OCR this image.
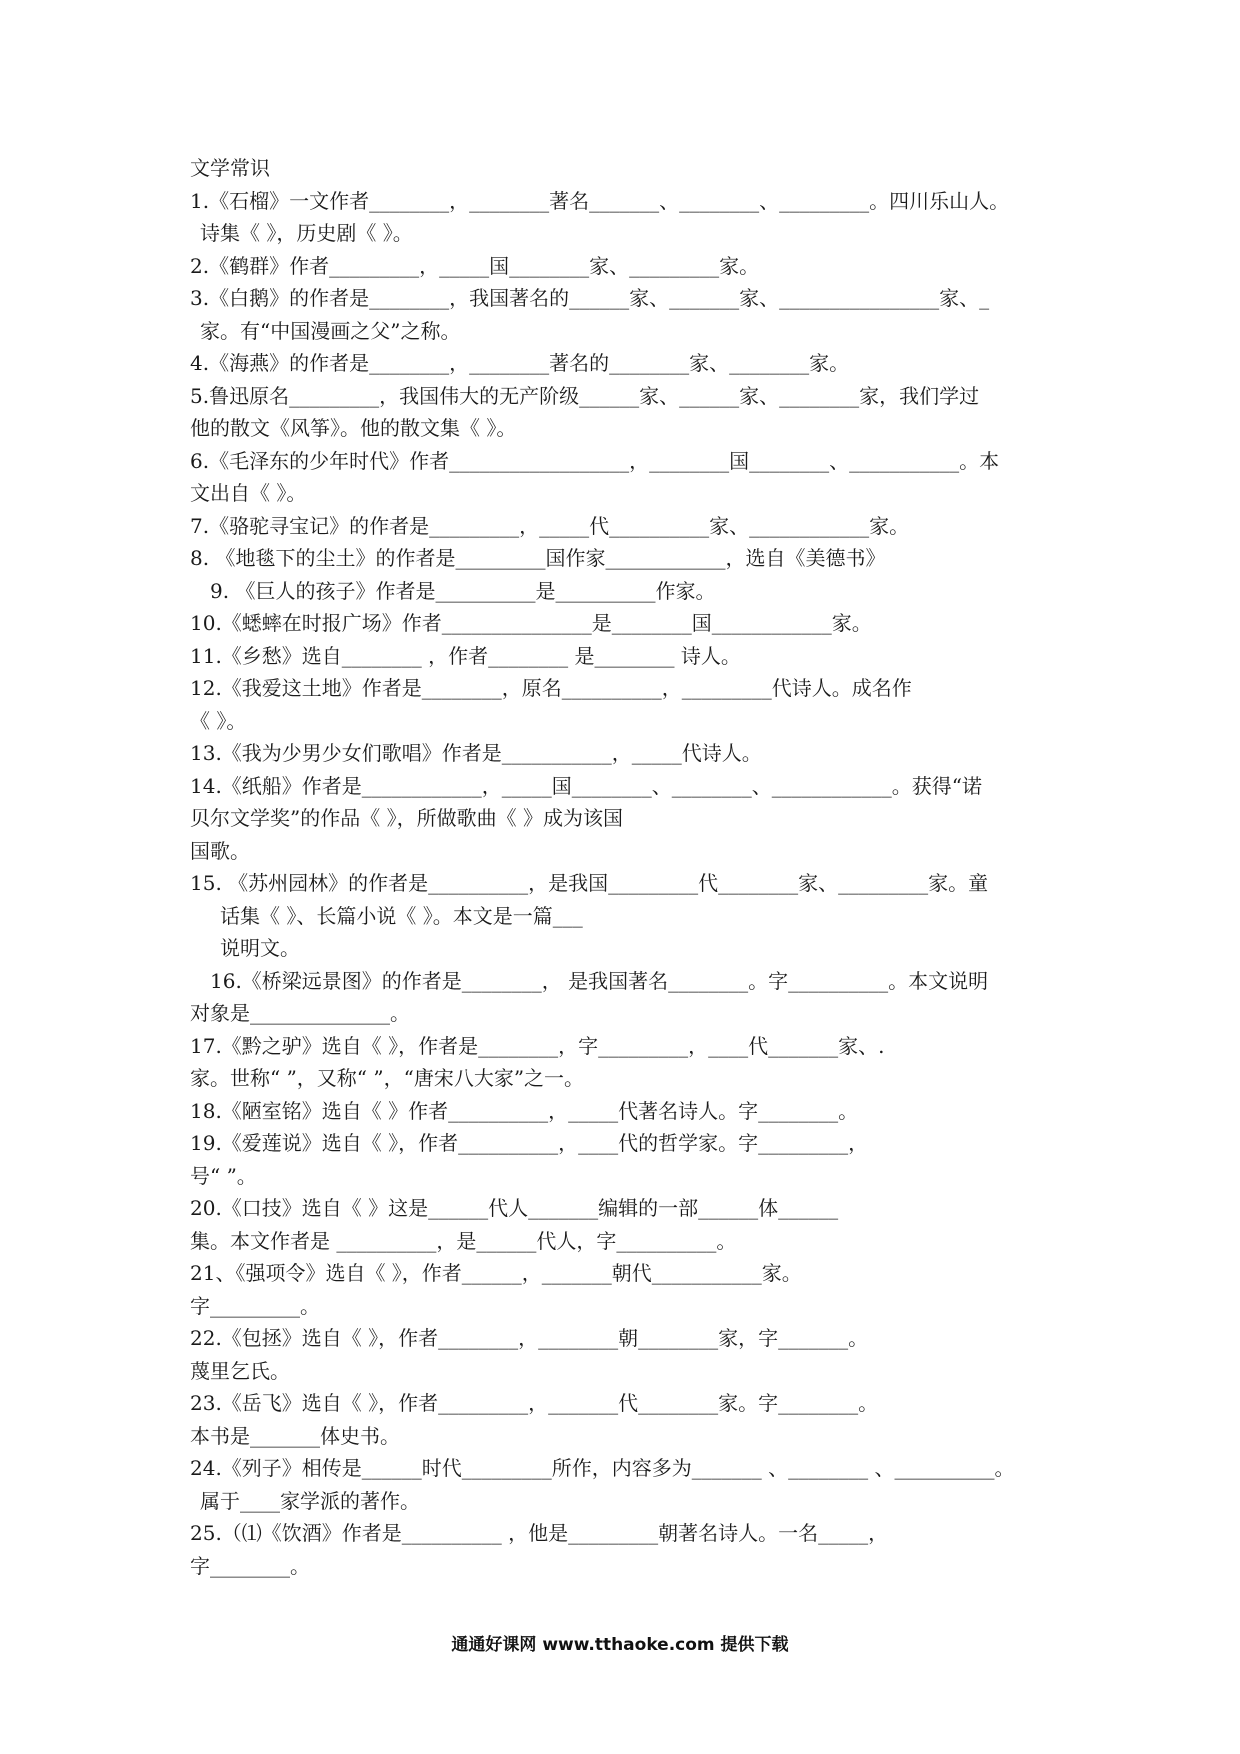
文学常识
1.《石榴》一文作者________，________著名_______、________、_________。四川乐山人。
诗集《 》，历史剧《 》。
2.《鹤群》作者_________，_____国________家、_________家。
3.《白鹅》的作者是________，我国著名的______家、_______家、________________家、_
家。有“中国漫画之父”之称。
4.《海燕》的作者是________，________著名的________家、________家。
5.鲁迅原名_________，我国伟大的无产阶级______家、______家、________家，我们学过
他的散文《风筝》。他的散文集《 》。
6.《毛泽东的少年时代》作者__________________，________国________、___________。本
文出自《 》。
7.《骆驼寻宝记》的作者是_________，_____代__________家、____________家。
8. 《地毯下的尘土》的作者是_________国作家____________，选自《美德书》
9. 《巨人的孩子》作者是__________是__________作家。
10.《蟋蟀在时报广场》作者_______________是________国____________家。
11.《乡愁》选自________ ，作者________ 是________ 诗人。
12.《我爱这土地》作者是________，原名__________，_________代诗人。成名作
《 》。
13.《我为少男少女们歌唱》作者是___________，_____代诗人。
14.《纸船》作者是____________，_____国________、________、____________。获得“诺
贝尔文学奖”的作品《 》，所做歌曲《 》成为该国
国歌。
15. 《苏州园林》的作者是__________，是我国_________代________家、_________家。童
话集《 》、长篇小说《 》。本文是一篇___
说明文。
16.《桥梁远景图》的作者是________， 是我国著名________。字__________。本文说明
对象是______________。
17.《黔之驴》选自《 》，作者是________，字_________，____代_______家、.
家。世称“ ”，又称“ ”，“唐宋八大家”之一。
18.《陋室铭》选自《 》作者__________，_____代著名诗人。字________。
19.《爱莲说》选自《 》，作者__________，____代的哲学家。字_________，
号“ ”。
20.《口技》选自《 》这是______代人_______编辑的一部______体______
集。本文作者是 __________，是______代人，字__________。
21、《强项令》选自《 》，作者______，_______朝代___________家。
字_________。
22.《包拯》选自《 》，作者________，________朝________家，字_______。
蔑里乞氏。
23.《岳飞》选自《 》，作者_________，_______代________家。字________。
本书是_______体史书。
24.《列子》相传是______时代_________所作，内容多为_______ 、________ 、__________。
属于____家学派的著作。
25.（⑴《饮酒》作者是__________ ，他是_________朝著名诗人。一名_____，
字________。
通通好课网 www.tthaoke.com 提供下载
